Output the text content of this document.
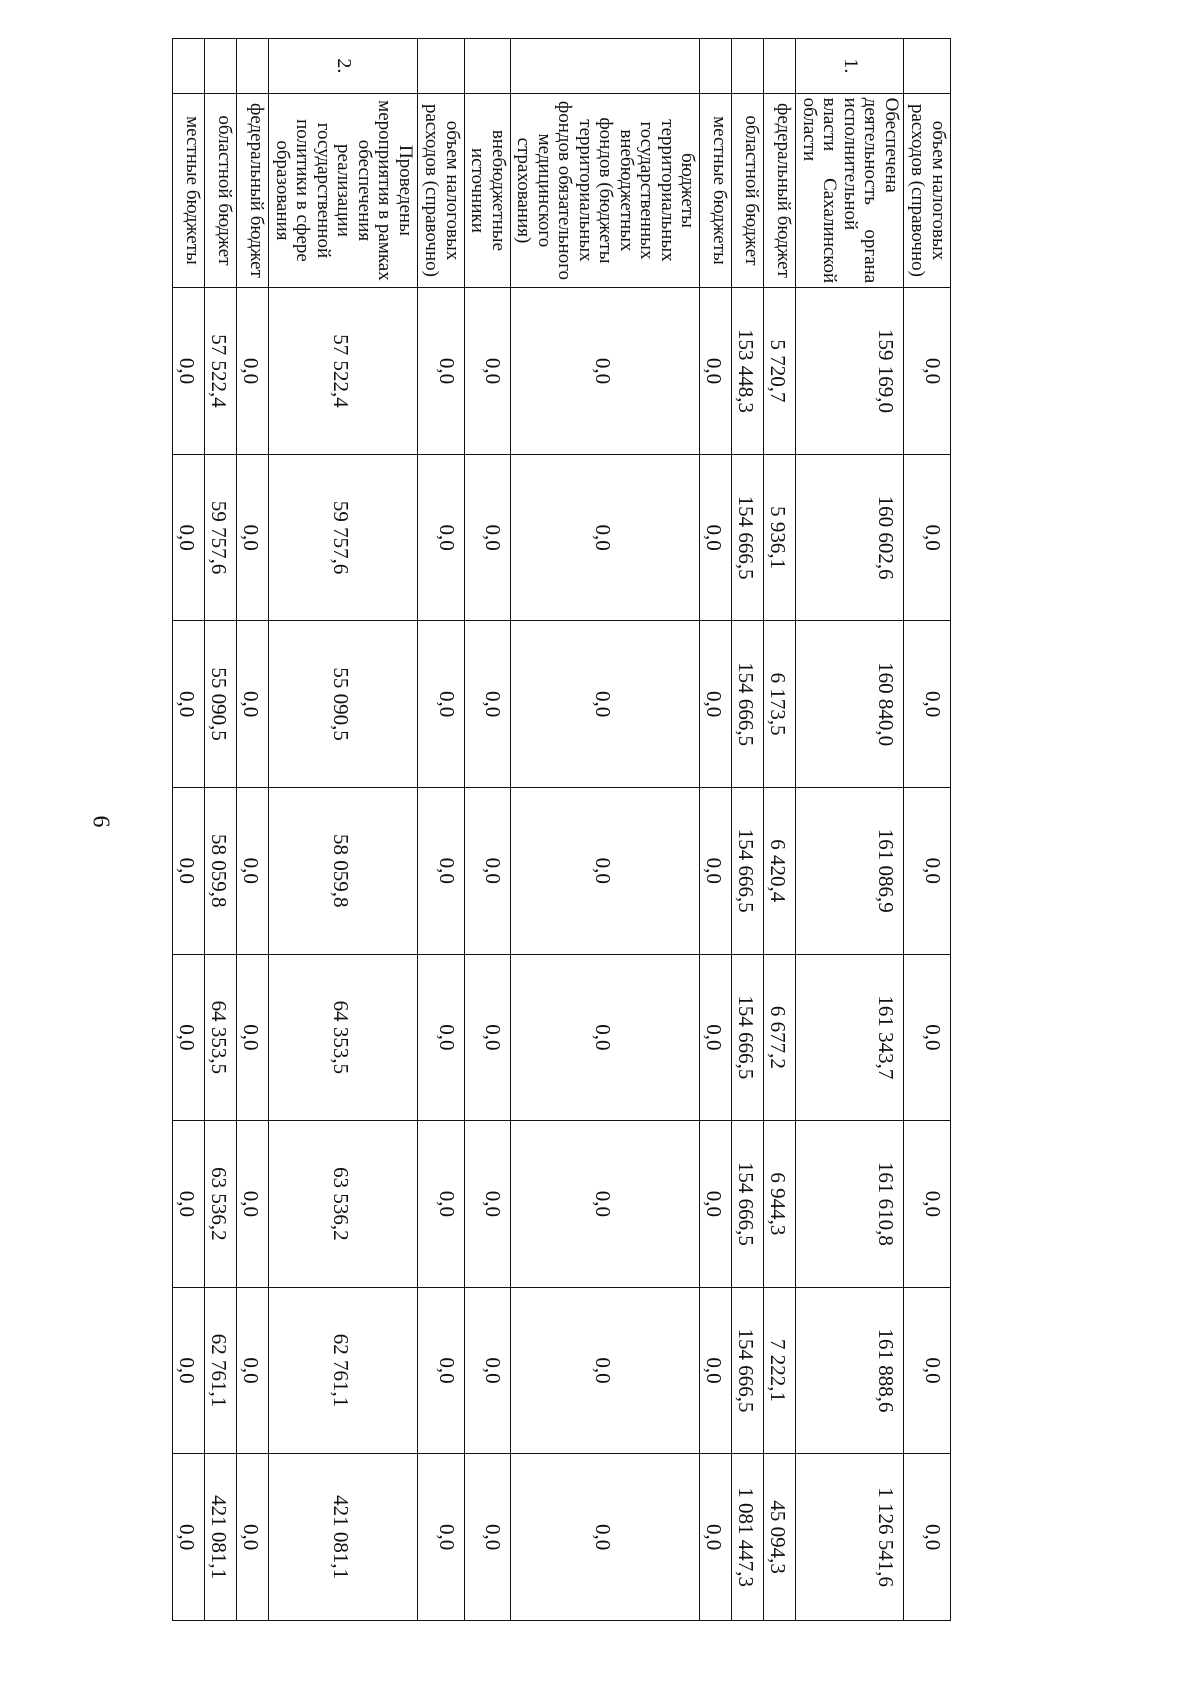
6
	объем налоговых расходов (справочно)	0,0	0,0	0,0	0,0	0,0	0,0	0,0	0,0
1.	Обеспечена деятельность органа исполнительной власти Сахалинской области	159 169,0	160 602,6	160 840,0	161 086,9	161 343,7	161 610,8	161 888,6	1 126 541,6
	федеральный бюджет	5 720,7	5 936,1	6 173,5	6 420,4	6 677,2	6 944,3	7 222,1	45 094,3
	областной бюджет	153 448,3	154 666,5	154 666,5	154 666,5	154 666,5	154 666,5	154 666,5	1 081 447,3
	местные бюджеты	0,0	0,0	0,0	0,0	0,0	0,0	0,0	0,0
	бюджеты территориальных государственных внебюджетных фондов (бюджеты территориальных фондов обязательного медицинского страхования)	0,0	0,0	0,0	0,0	0,0	0,0	0,0	0,0
	внебюджетные источники	0,0	0,0	0,0	0,0	0,0	0,0	0,0	0,0
	объем налоговых расходов (справочно)	0,0	0,0	0,0	0,0	0,0	0,0	0,0	0,0
2.	Проведены мероприятия в рамках обеспечения реализации государственной политики в сфере образования	57 522,4	59 757,6	55 090,5	58 059,8	64 353,5	63 536,2	62 761,1	421 081,1
	федеральный бюджет	0,0	0,0	0,0	0,0	0,0	0,0	0,0	0,0
	областной бюджет	57 522,4	59 757,6	55 090,5	58 059,8	64 353,5	63 536,2	62 761,1	421 081,1
	местные бюджеты	0,0	0,0	0,0	0,0	0,0	0,0	0,0	0,0
